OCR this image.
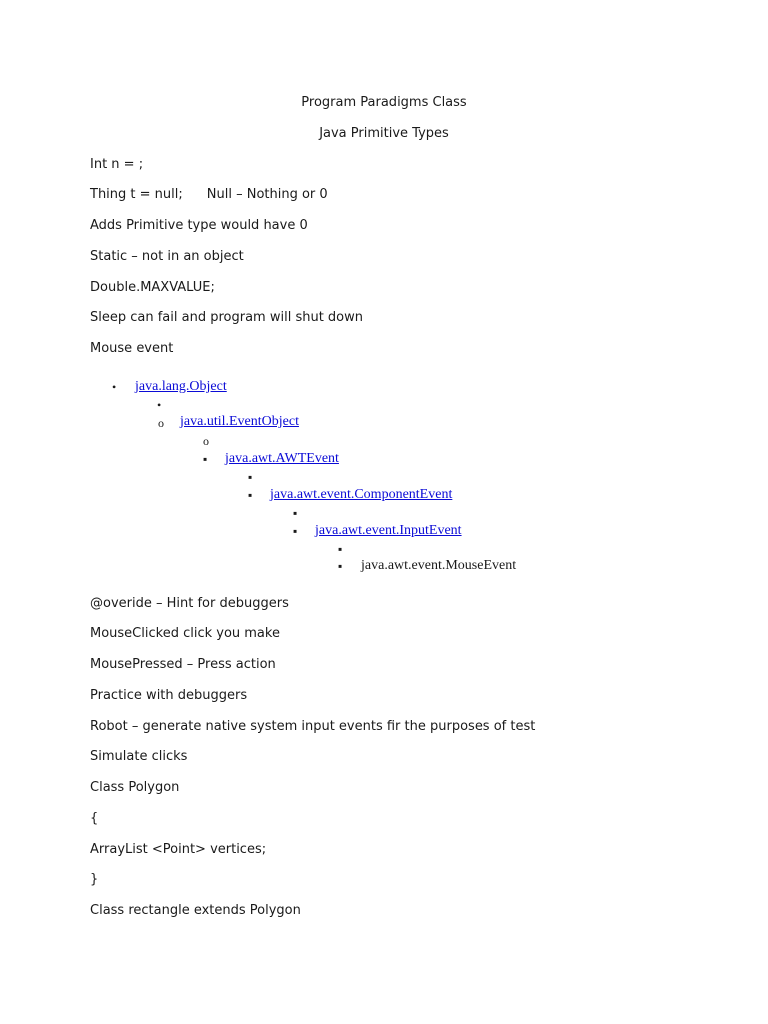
Program Paradigms Class
Java Primitive Types
Int n = ;
Thing t = null; Null – Nothing or 0
Adds Primitive type would have 0
Static – not in an object
Double.MAXVALUE;
Sleep can fail and program will shut down
Mouse event
• java.lang.Object
•
o java.util.EventObject
o
▪ java.awt.AWTEvent
▪
▪ java.awt.event.ComponentEvent
▪
▪ java.awt.event.InputEvent
▪
▪ java.awt.event.MouseEvent
@overide – Hint for debuggers
MouseClicked click you make
MousePressed – Press action
Practice with debuggers
Robot – generate native system input events fir the purposes of test
Simulate clicks
Class Polygon
{
ArrayList <Point> vertices;
}
Class rectangle extends Polygon
